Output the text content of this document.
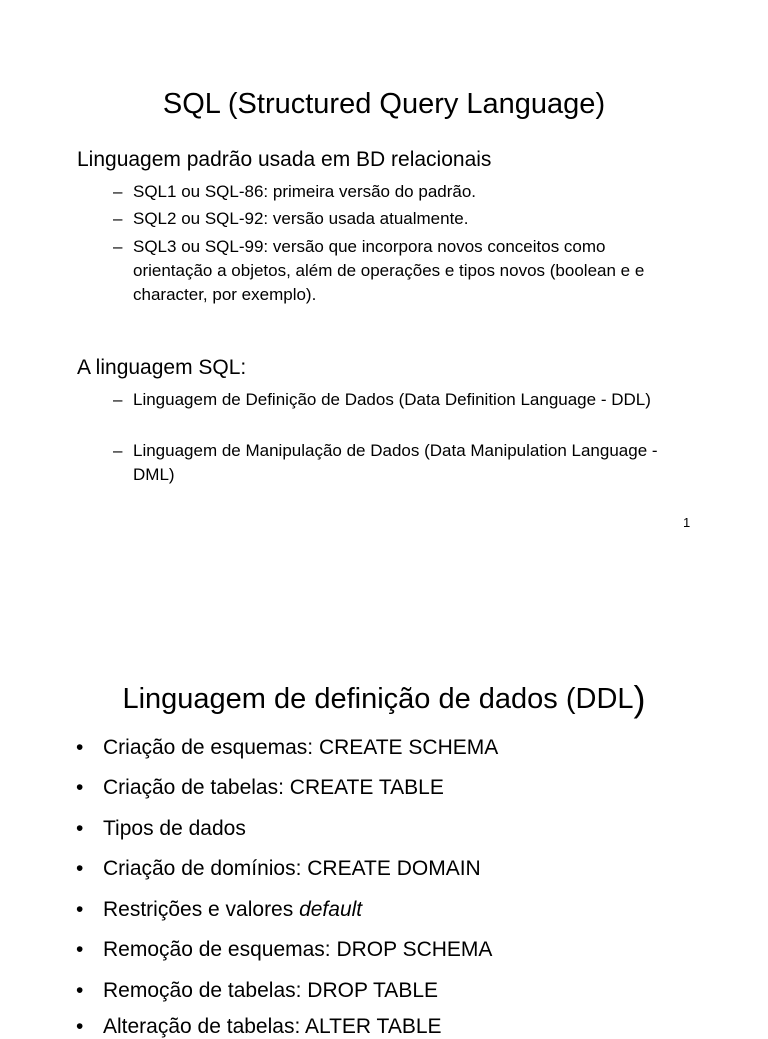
SQL (Structured Query Language)
Linguagem padrão usada em BD relacionais
– SQL1 ou SQL-86: primeira versão do padrão.
– SQL2 ou SQL-92: versão usada atualmente.
– SQL3 ou SQL-99: versão que incorpora novos conceitos como orientação a objetos, além de operações e tipos novos (boolean e e character, por exemplo).
A linguagem SQL:
– Linguagem de Definição de Dados (Data Definition Language - DDL)
– Linguagem de Manipulação de Dados (Data Manipulation Language - DML)
1
Linguagem de definição de dados (DDL)
• Criação de esquemas: CREATE SCHEMA
• Criação de tabelas: CREATE TABLE
• Tipos de dados
• Criação de domínios: CREATE DOMAIN
• Restrições e valores default
• Remoção de esquemas: DROP SCHEMA
• Remoção de tabelas: DROP TABLE
• Alteração de tabelas: ALTER TABLE
